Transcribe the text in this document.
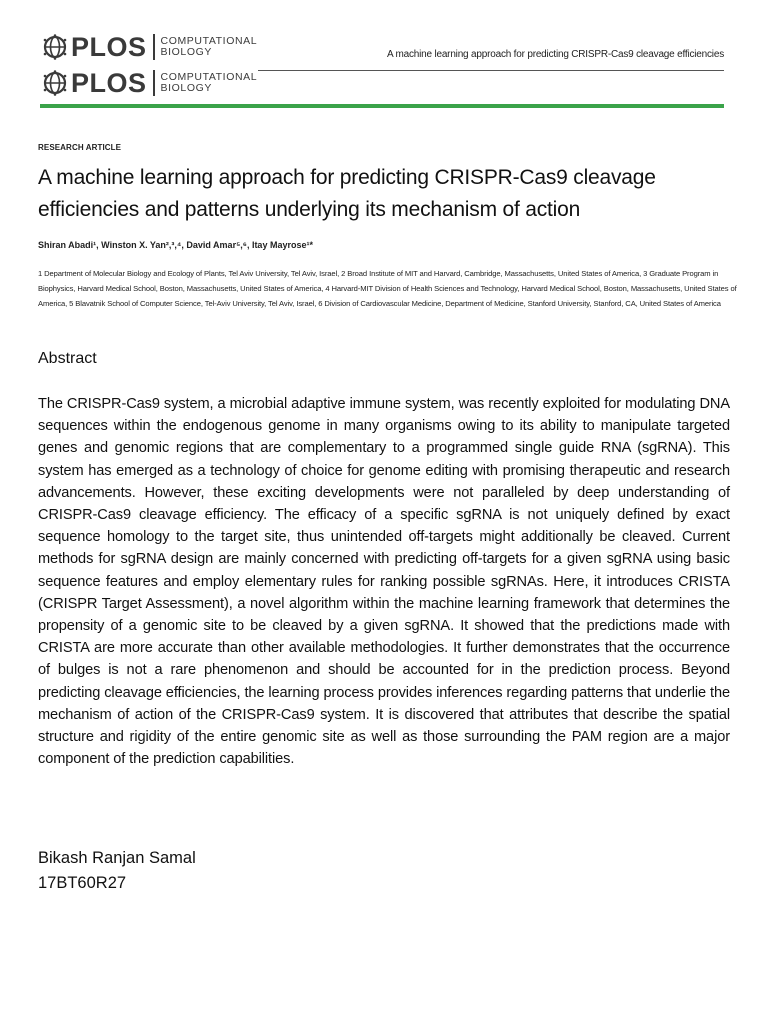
PLOS COMPUTATIONAL
BIOLOGY
PLOS COMPUTATIONAL
BIOLOGY
A machine learning approach for predicting CRISPR-Cas9 cleavage efficiencies
RESEARCH ARTICLE
A machine learning approach for predicting CRISPR-Cas9 cleavage
efficiencies and patterns underlying its mechanism of action
Shiran Abadi¹, Winston X. Yan²,³,⁴, David Amar⁵,⁶, Itay Mayrose¹*
1 Department of Molecular Biology and Ecology of Plants, Tel Aviv University, Tel Aviv, Israel, 2 Broad Institute of MIT and Harvard, Cambridge, Massachusetts, United States of America, 3 Graduate Program in Biophysics, Harvard Medical School, Boston, Massachusetts, United States of America, 4 Harvard-MIT Division of Health Sciences and Technology, Harvard Medical School, Boston, Massachusetts, United States of America, 5 Blavatnik School of Computer Science, Tel-Aviv University, Tel Aviv, Israel, 6 Division of Cardiovascular Medicine, Department of Medicine, Stanford University, Stanford, CA, United States of America
Abstract
The CRISPR-Cas9 system, a microbial adaptive immune system, was recently exploited for modulating DNA sequences within the endogenous genome in many organisms owing to its ability to manipulate targeted genes and genomic regions that are complementary to a programmed single guide RNA (sgRNA). This system has emerged as a technology of choice for genome editing with promising therapeutic and research advancements. However, these exciting developments were not paralleled by deep understanding of CRISPR-Cas9 cleavage efficiency. The efficacy of a specific sgRNA is not uniquely defined by exact sequence homology to the target site, thus unintended off-targets might additionally be cleaved. Current methods for sgRNA design are mainly concerned with predicting off-targets for a given sgRNA using basic sequence features and employ elementary rules for ranking possible sgRNAs. Here, it introduces CRISTA (CRISPR Target Assessment), a novel algorithm within the machine learning framework that determines the propensity of a genomic site to be cleaved by a given sgRNA. It showed that the predictions made with CRISTA are more accurate than other available methodologies. It further demonstrates that the occurrence of bulges is not a rare phenomenon and should be accounted for in the prediction process. Beyond predicting cleavage efficiencies, the learning process provides inferences regarding patterns that underlie the mechanism of action of the CRISPR-Cas9 system. It is discovered that attributes that describe the spatial structure and rigidity of the entire genomic site as well as those surrounding the PAM region are a major component of the prediction capabilities.
Bikash Ranjan Samal
17BT60R27
